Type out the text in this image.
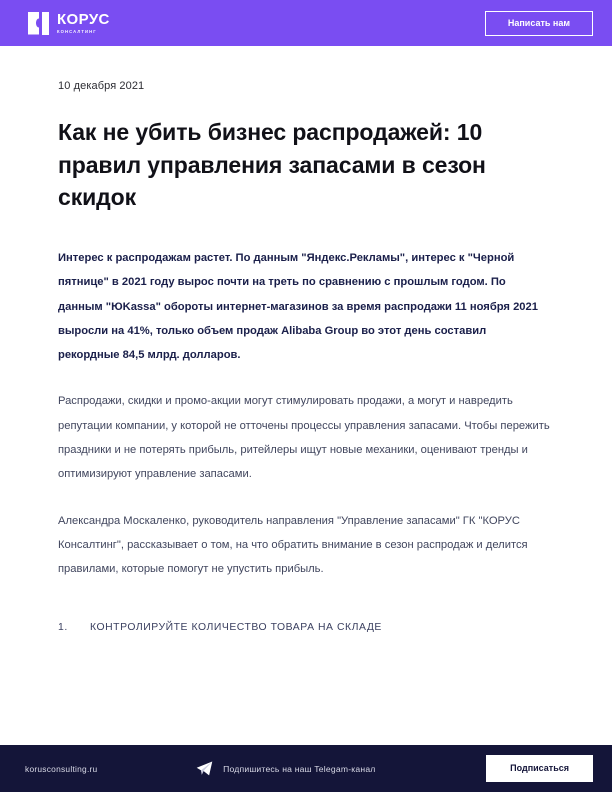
КОРУС
КОНСАЛТИНГ
Написать нам
10 декабря 2021
Как не убить бизнес распродажей: 10 правил управления запасами в сезон скидок

Интерес к распродажам растет. По данным "Яндекс.Рекламы", интерес к "Черной пятнице" в 2021 году вырос почти на треть по сравнению с прошлым годом. По данным "ЮKassa" обороты интернет-магазинов за время распродажи 11 ноября 2021 выросли на 41%, только объем продаж Alibaba Group во этот день составил рекордные 84,5 млрд. долларов.

Распродажи, скидки и промо-акции могут стимулировать продажи, а могут и навредить репутации компании, у которой не отточены процессы управления запасами. Чтобы пережить праздники и не потерять прибыль, ритейлеры ищут новые механики, оценивают тренды и оптимизируют управление запасами.

Александра Москаленко, руководитель направления "Управление запасами" ГК "КОРУС Консалтинг", рассказывает о том, на что обратить внимание в сезон распродаж и делится правилами, которые помогут не упустить прибыль.

1.	КОНТРОЛИРУЙТЕ КОЛИЧЕСТВО ТОВАРА НА СКЛАДЕ
korusconsulting.ru	Подпишитесь на наш Telegam-канал	Подписаться
